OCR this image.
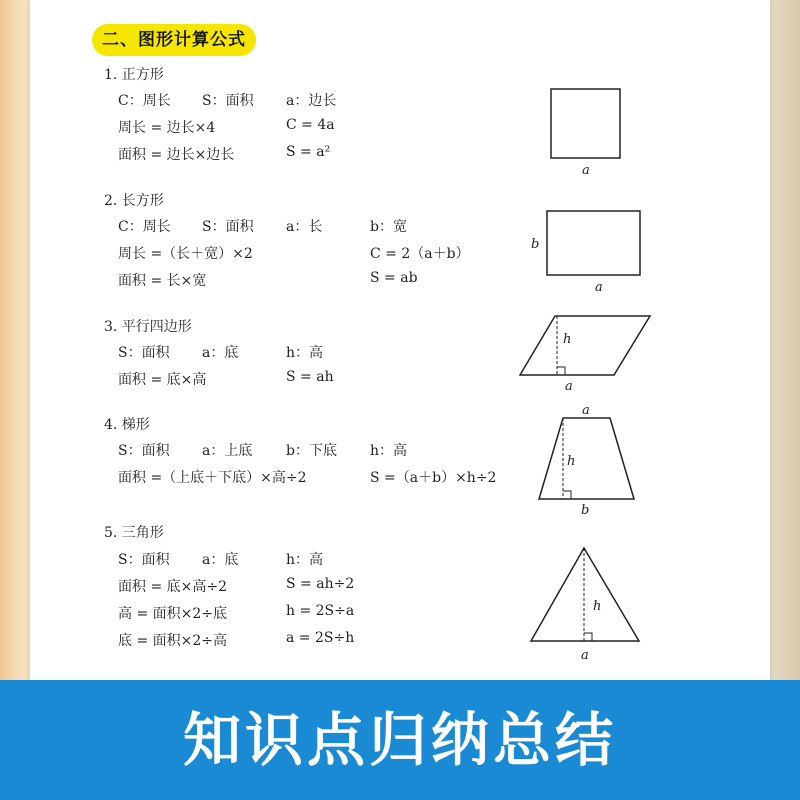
二、图形计算公式
1. 正方形
C：周长 S：面积 a：边长
周长 = 边长×4	C = 4a
面积 = 边长×边长	S = a²
2. 长方形
C：周长 S：面积 a：长	b：宽
周长 =（长＋宽）×2	C = 2（a＋b）
面积 = 长×宽	S = ab
3. 平行四边形
S：面积 a：底	h：高
面积 = 底×高	S = ah
4. 梯形
S：面积 a：上底 b：下底 h：高
面积 =（上底＋下底）×高÷2	S =（a＋b）×h÷2
5. 三角形
S：面积 a：底	h：高
面积 = 底×高÷2	S = ah÷2
高 = 面积×2÷底	h = 2S÷a
底 = 面积×2÷高	a = 2S÷h
a
b
a
h
a
a
h
b
h
a
知识点归纳总结
